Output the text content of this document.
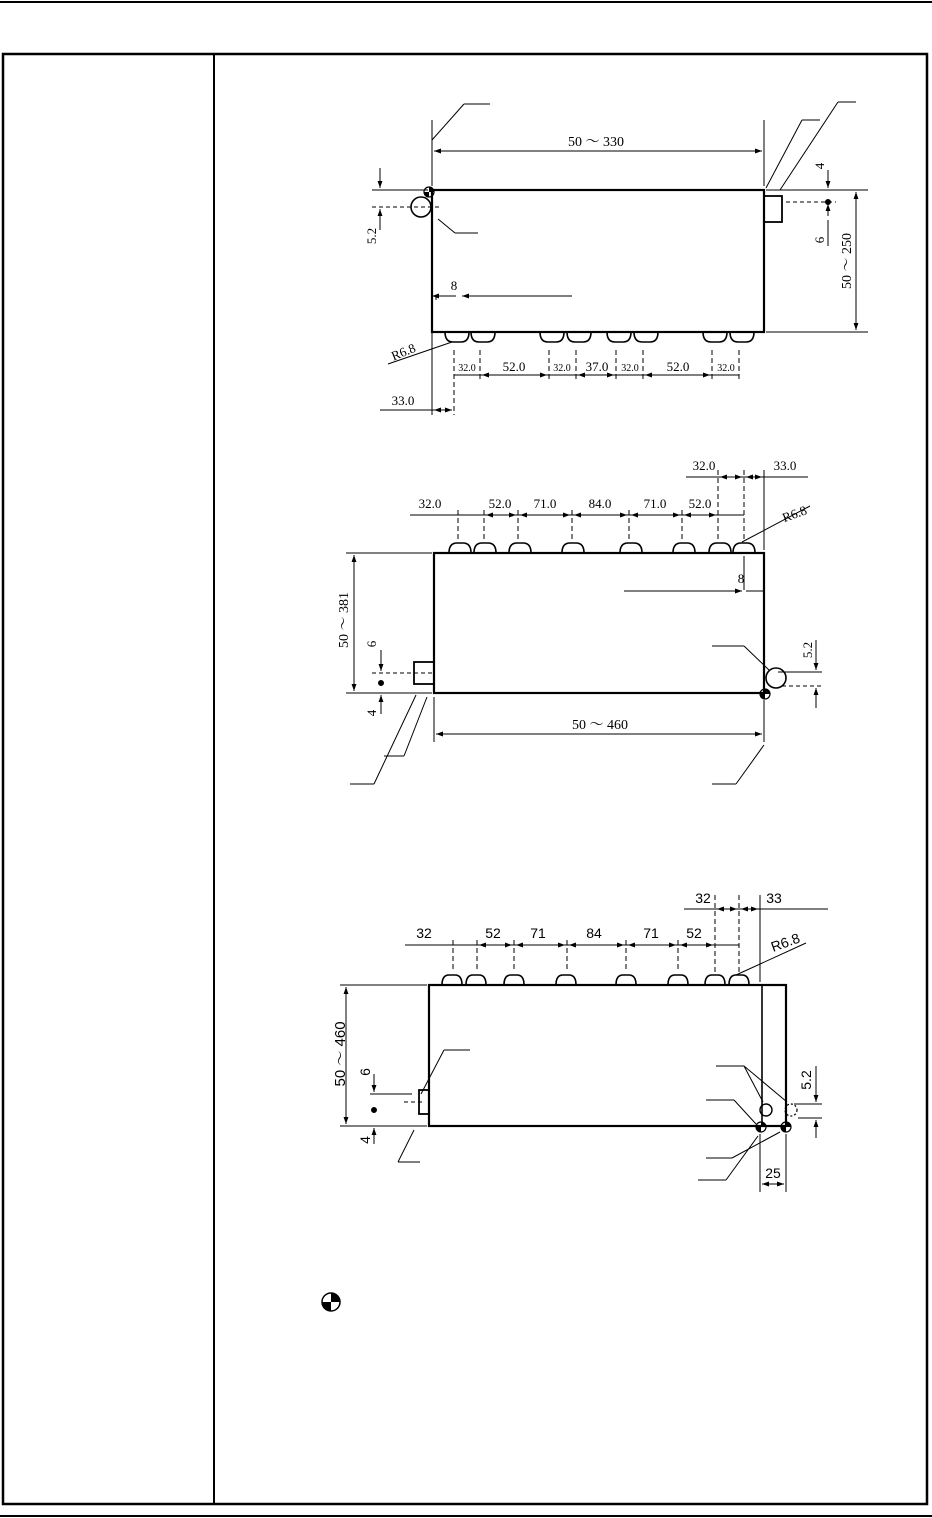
50 ～ 330
50 ～ 250
4
6
5.2
8
R6.8
33.0
32.0 52.0	32.0 37.0 32.0 52.0	32.0
32.0	52.0 71.0 84.0 71.0 52.0
32.0	33.0
R6.8
8
50 ～ 381 6
4
5.2
50 ～ 460
32	52 71	84	71 52
32	33
R6.8
50 ～ 460 6
4
5.2
25
